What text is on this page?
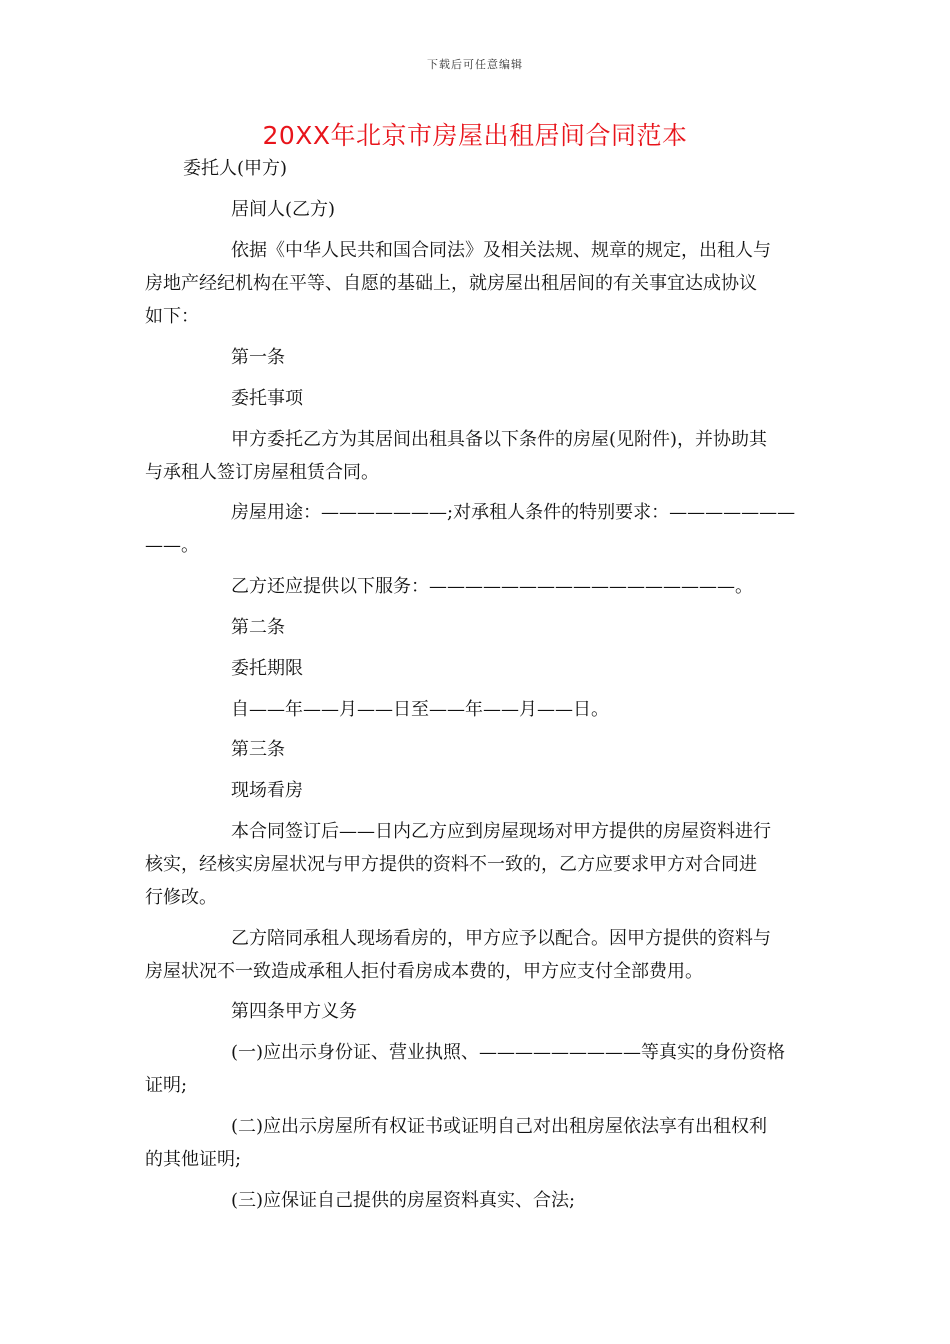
下载后可任意编辑
20XX年北京市房屋出租居间合同范本
委托人(甲方)
居间人(乙方)
依据《中华人民共和国合同法》及相关法规、规章的规定，出租人与
房地产经纪机构在平等、自愿的基础上，就房屋出租居间的有关事宜达成协议
如下：
第一条
委托事项
甲方委托乙方为其居间出租具备以下条件的房屋(见附件)，并协助其
与承租人签订房屋租赁合同。
房屋用途：———————;对承租人条件的特别要求：———————
——。
乙方还应提供以下服务：—————————————————。
第二条
委托期限
自——年——月——日至——年——月——日。
第三条
现场看房
本合同签订后——日内乙方应到房屋现场对甲方提供的房屋资料进行
核实，经核实房屋状况与甲方提供的资料不一致的，乙方应要求甲方对合同进
行修改。
乙方陪同承租人现场看房的，甲方应予以配合。因甲方提供的资料与
房屋状况不一致造成承租人拒付看房成本费的，甲方应支付全部费用。
第四条甲方义务
(一)应出示身份证、营业执照、—————————等真实的身份资格
证明;
(二)应出示房屋所有权证书或证明自己对出租房屋依法享有出租权利
的其他证明;
(三)应保证自己提供的房屋资料真实、合法;
